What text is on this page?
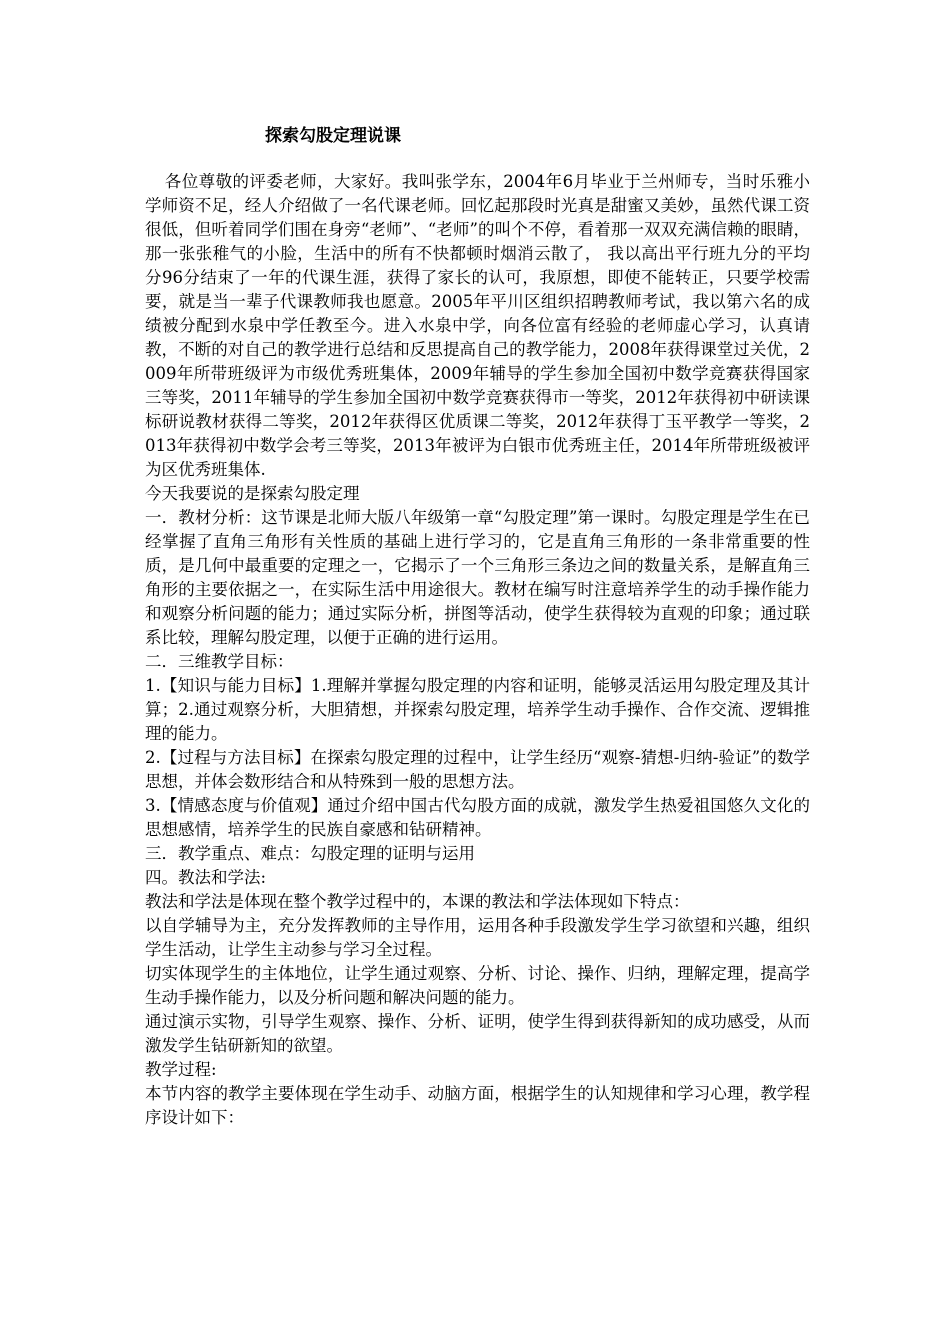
探索勾股定理说课

各位尊敬的评委老师，大家好。我叫张学东，2004年6月毕业于兰州师专，当时乐雅小学师资不足，经人介绍做了一名代课老师。回忆起那段时光真是甜蜜又美妙，虽然代课工资很低，但听着同学们围在身旁“老师”、“老师”的叫个不停，看着那一双双充满信赖的眼睛，那一张张稚气的小脸，生活中的所有不快都顿时烟消云散了， 我以高出平行班九分的平均分96分结束了一年的代课生涯，获得了家长的认可，我原想，即使不能转正，只要学校需要，就是当一辈子代课教师我也愿意。2005年平川区组织招聘教师考试，我以第六名的成绩被分配到水泉中学任教至今。进入水泉中学，向各位富有经验的老师虚心学习，认真请教，不断的对自己的教学进行总结和反思提高自己的教学能力，2008年获得课堂过关优，2009年所带班级评为市级优秀班集体，2009年辅导的学生参加全国初中数学竞赛获得国家三等奖，2011年辅导的学生参加全国初中数学竞赛获得市一等奖，2012年获得初中研读课标研说教材获得二等奖，2012年获得区优质课二等奖，2012年获得丁玉平教学一等奖，2013年获得初中数学会考三等奖，2013年被评为白银市优秀班主任，2014年所带班级被评为区优秀班集体.

今天我要说的是探索勾股定理

一．教材分析：这节课是北师大版八年级第一章“勾股定理”第一课时。勾股定理是学生在已经掌握了直角三角形有关性质的基础上进行学习的，它是直角三角形的一条非常重要的性质，是几何中最重要的定理之一，它揭示了一个三角形三条边之间的数量关系，是解直角三角形的主要依据之一，在实际生活中用途很大。教材在编写时注意培养学生的动手操作能力和观察分析问题的能力；通过实际分析，拼图等活动，使学生获得较为直观的印象；通过联系比较，理解勾股定理，以便于正确的进行运用。

二．三维教学目标：

1.【知识与能力目标】1.理解并掌握勾股定理的内容和证明，能够灵活运用勾股定理及其计算；2.通过观察分析，大胆猜想，并探索勾股定理，培养学生动手操作、合作交流、逻辑推理的能力。

2.【过程与方法目标】在探索勾股定理的过程中，让学生经历“观察-猜想-归纳-验证”的数学思想，并体会数形结合和从特殊到一般的思想方法。

3.【情感态度与价值观】通过介绍中国古代勾股方面的成就，激发学生热爱祖国悠久文化的思想感情，培养学生的民族自豪感和钻研精神。

三．教学重点、难点：勾股定理的证明与运用

四。教法和学法:

教法和学法是体现在整个教学过程中的，本课的教法和学法体现如下特点：

以自学辅导为主，充分发挥教师的主导作用，运用各种手段激发学生学习欲望和兴趣，组织学生活动，让学生主动参与学习全过程。

切实体现学生的主体地位，让学生通过观察、分析、讨论、操作、归纳，理解定理，提高学生动手操作能力，以及分析问题和解决问题的能力。

通过演示实物，引导学生观察、操作、分析、证明，使学生得到获得新知的成功感受，从而激发学生钻研新知的欲望。

教学过程:

本节内容的教学主要体现在学生动手、动脑方面，根据学生的认知规律和学习心理，教学程序设计如下：
